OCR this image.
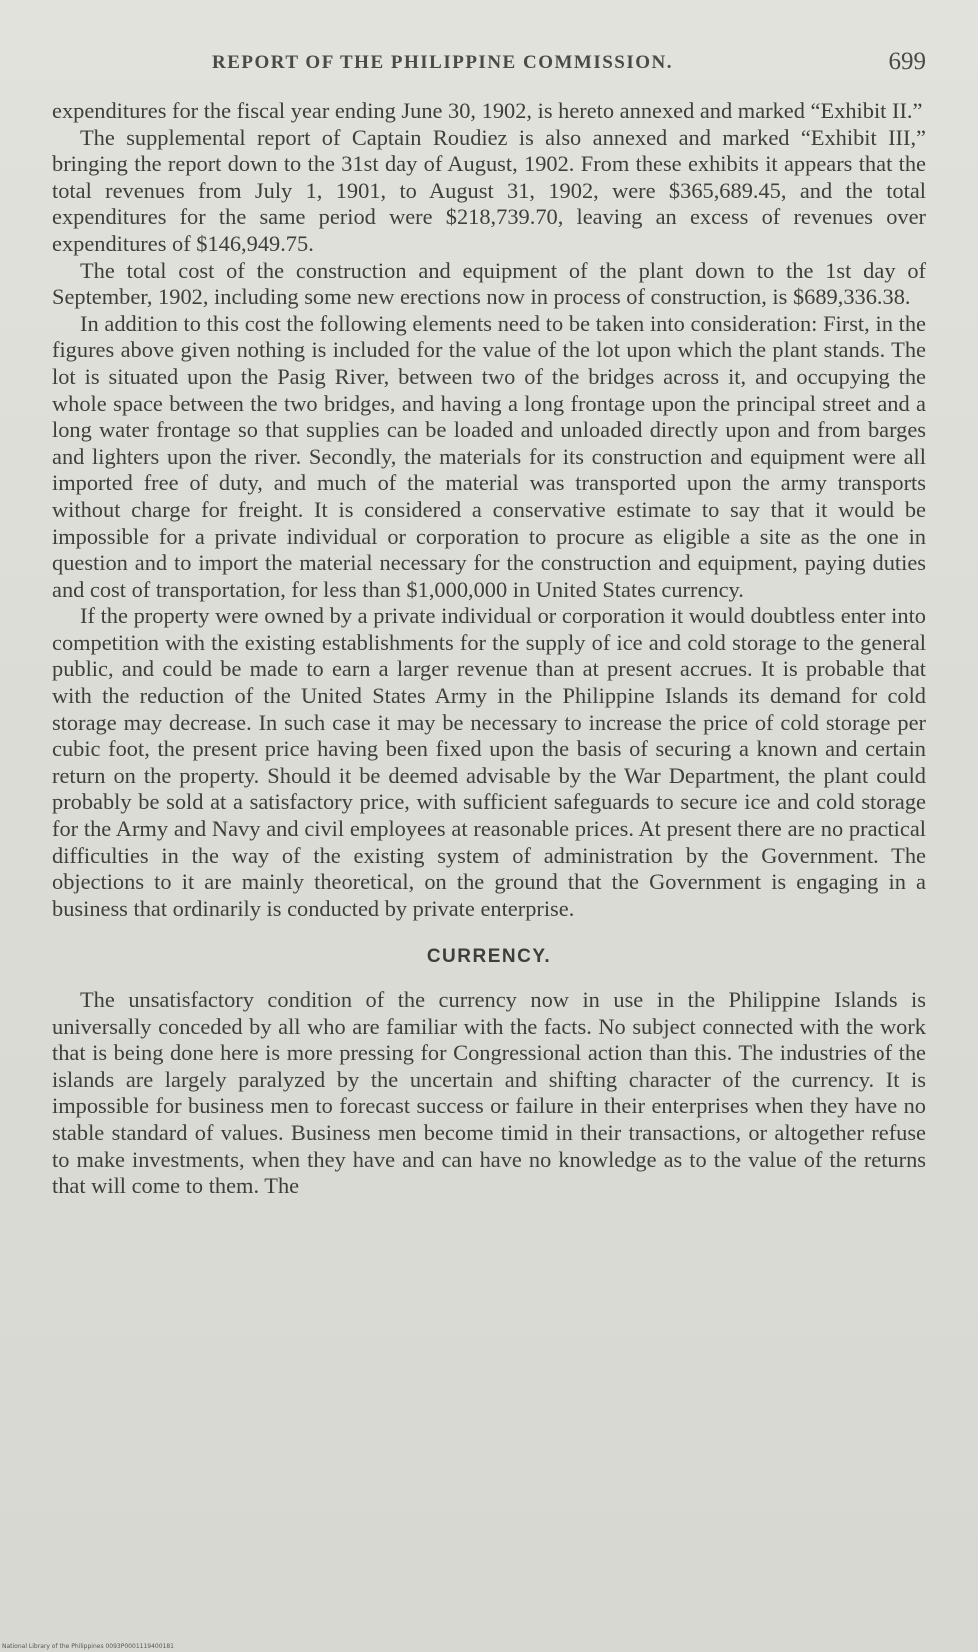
REPORT OF THE PHILIPPINE COMMISSION.	699

expenditures for the fiscal year ending June 30, 1902, is hereto annexed and marked “Exhibit II.”

The supplemental report of Captain Roudiez is also annexed and marked “Exhibit III,” bringing the report down to the 31st day of August, 1902. From these exhibits it appears that the total revenues from July 1, 1901, to August 31, 1902, were $365,689.45, and the total expenditures for the same period were $218,739.70, leaving an excess of revenues over expenditures of $146,949.75.

The total cost of the construction and equipment of the plant down to the 1st day of September, 1902, including some new erections now in process of construction, is $689,336.38.

In addition to this cost the following elements need to be taken into consideration: First, in the figures above given nothing is included for the value of the lot upon which the plant stands. The lot is situated upon the Pasig River, between two of the bridges across it, and occupying the whole space between the two bridges, and having a long frontage upon the principal street and a long water frontage so that supplies can be loaded and unloaded directly upon and from barges and lighters upon the river. Secondly, the materials for its construction and equipment were all imported free of duty, and much of the material was transported upon the army transports without charge for freight. It is considered a conservative estimate to say that it would be impossible for a private individual or corporation to procure as eligible a site as the one in question and to import the material necessary for the construction and equipment, paying duties and cost of transportation, for less than $1,000,000 in United States currency.

If the property were owned by a private individual or corporation it would doubtless enter into competition with the existing establishments for the supply of ice and cold storage to the general public, and could be made to earn a larger revenue than at present accrues. It is probable that with the reduction of the United States Army in the Philippine Islands its demand for cold storage may decrease. In such case it may be necessary to increase the price of cold storage per cubic foot, the present price having been fixed upon the basis of securing a known and certain return on the property. Should it be deemed advisable by the War Department, the plant could probably be sold at a satisfactory price, with sufficient safeguards to secure ice and cold storage for the Army and Navy and civil employees at reasonable prices. At present there are no practical difficulties in the way of the existing system of administration by the Government. The objections to it are mainly theoretical, on the ground that the Government is engaging in a business that ordinarily is conducted by private enterprise.

CURRENCY.

The unsatisfactory condition of the currency now in use in the Philippine Islands is universally conceded by all who are familiar with the facts. No subject connected with the work that is being done here is more pressing for Congressional action than this. The industries of the islands are largely paralyzed by the uncertain and shifting character of the currency. It is impossible for business men to forecast success or failure in their enterprises when they have no stable standard of values. Business men become timid in their transactions, or altogether refuse to make investments, when they have and can have no knowledge as to the value of the returns that will come to them. The

National Library of the Philippines 0093P0001119400181
